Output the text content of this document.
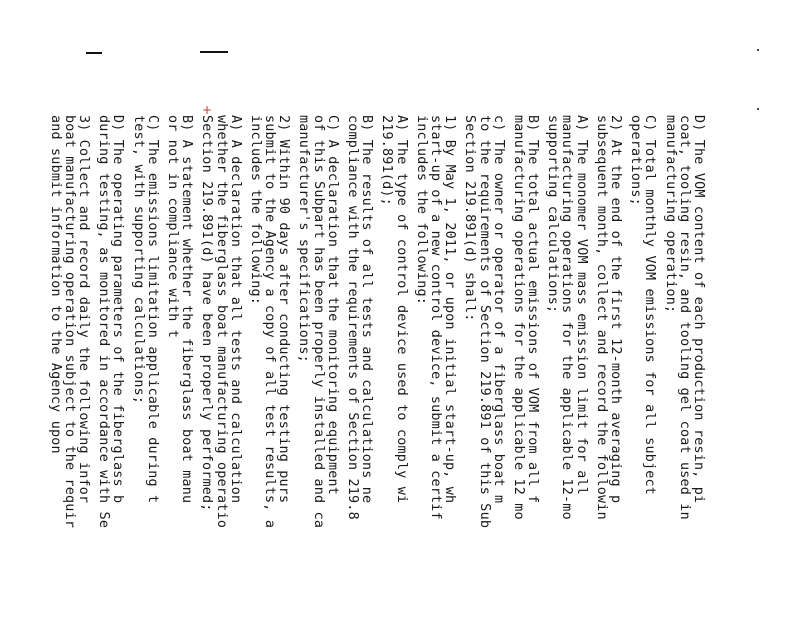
+
D) The VOM content of each production resin, pi
coat, tooling resin, and tooling gel coat used in
manufacturing operation;
C) Total monthly VOM emissions for all subject
operations;
2) At the end of the first 12-month averaging p
subsequent month, collect and record the followin
A) The monomer VOM mass emission limit for all
manufacturing operations for the applicable 12-mo
supporting calculations;
B) The total actual emissions of VOM from all f
manufacturing operations for the applicable 12 mo
c) The owner or operator of a fiberglass boat m
to the requirements of Section 219.891 of this Sub
Section 219.891(d) shall:
1) By May 1, 2011, or upon initial start-up, wh
start-up of a new control device, submit a certif
includes the following:
A) The type of control device used to comply wi
219.891(d);
B) The results of all tests and calculations ne
compliance with the requirements of Section 219.8
C) A declaration that the monitoring equipment
of this Subpart has been properly installed and ca
manufacturer's specifications;
2) Within 90 days after conducting testing purs
submit to the Agency a copy of all test results, a
includes the following:
A) A declaration that all tests and calculation
whether the fiberglass boat manufacturing operatio
Section 219.891(d) have been properly performed;
B) A statement whether the fiberglass boat manu
or not in compliance with t
C) The emissions limitation applicable during t
test, with supporting calculations;
D) The operating parameters of the fiberglass b
during testing, as monitored in accordance with Se
3) Collect and record daily the following infor
boat manufacturing operation subject to the requir
and submit information to the Agency upon
